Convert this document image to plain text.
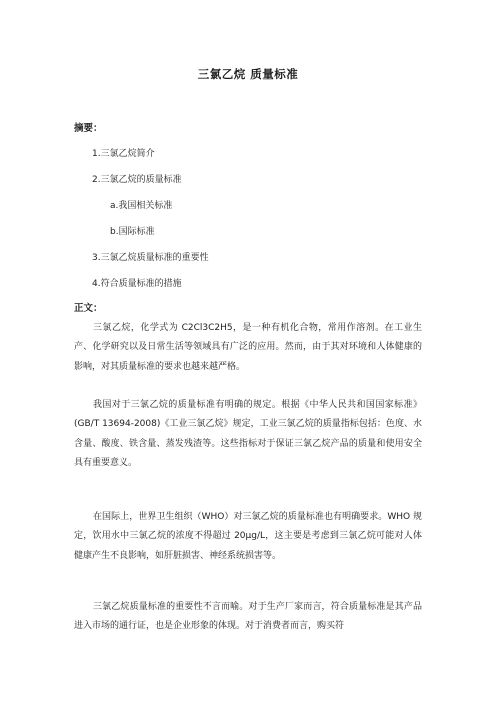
三氯乙烷 质量标准
摘要：
1.三氯乙烷简介
2.三氯乙烷的质量标准
a.我国相关标准
b.国际标准
3.三氯乙烷质量标准的重要性
4.符合质量标准的措施
正文：

三氯乙烷，化学式为 C2Cl3C2H5，是一种有机化合物，常用作溶剂。在工业生产、化学研究以及日常生活等领域具有广泛的应用。然而，由于其对环境和人体健康的影响，对其质量标准的要求也越来越严格。

我国对于三氯乙烷的质量标准有明确的规定。根据《中华人民共和国国家标准》(GB/T 13694-2008)《工业三氯乙烷》规定，工业三氯乙烷的质量指标包括：色度、水含量、酸度、铁含量、蒸发残渣等。这些指标对于保证三氯乙烷产品的质量和使用安全具有重要意义。

在国际上，世界卫生组织（WHO）对三氯乙烷的质量标准也有明确要求。WHO 规定，饮用水中三氯乙烷的浓度不得超过 20μg/L，这主要是考虑到三氯乙烷可能对人体健康产生不良影响，如肝脏损害、神经系统损害等。

三氯乙烷质量标准的重要性不言而喻。对于生产厂家而言，符合质量标准是其产品进入市场的通行证，也是企业形象的体现。对于消费者而言，购买符
